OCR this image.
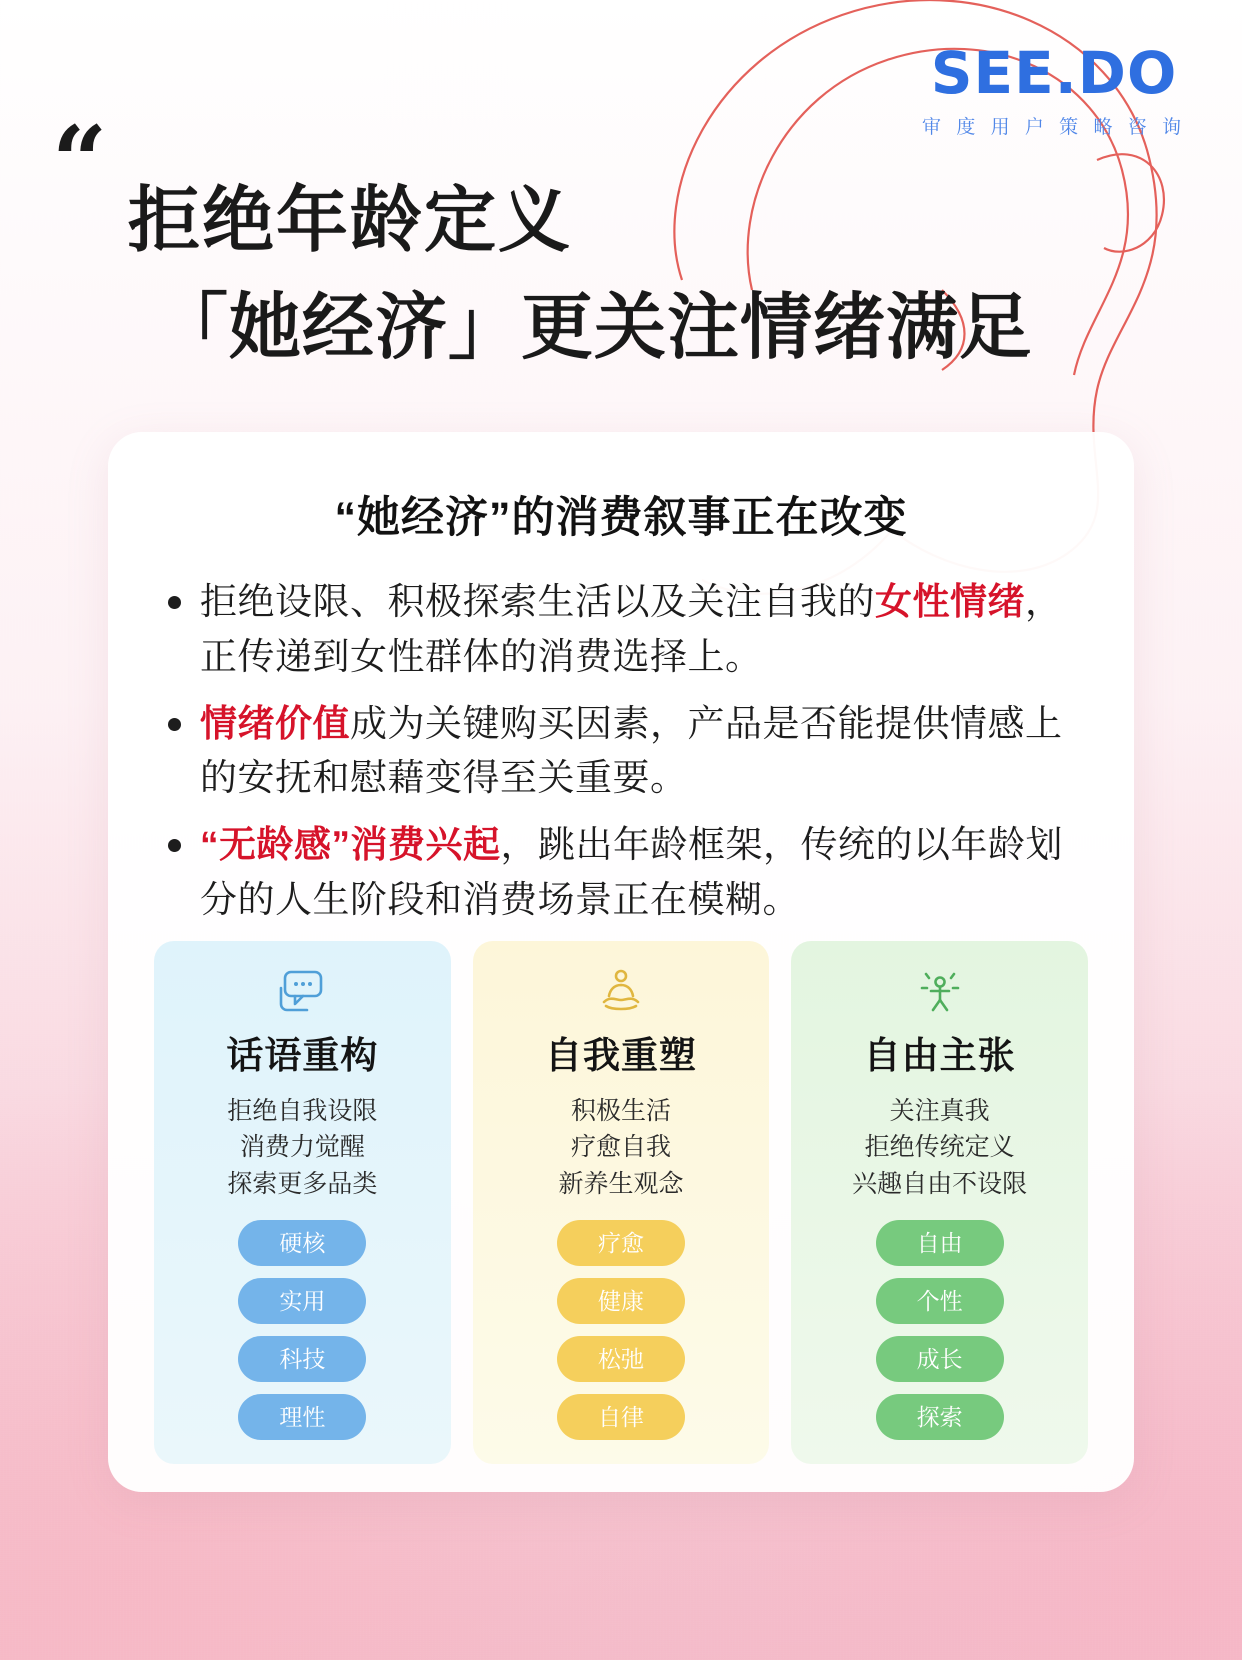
SEE.DO
审 度 用 户 策 略 咨 询
“
拒绝年龄定义
「她经济」更关注情绪满足
“她经济”的消费叙事正在改变
拒绝设限、积极探索生活以及关注自我的女性情绪，正传递到女性群体的消费选择上。
情绪价值成为关键购买因素，产品是否能提供情感上的安抚和慰藉变得至关重要。
“无龄感”消费兴起，跳出年龄框架，传统的以年龄划分的人生阶段和消费场景正在模糊。
话语重构
拒绝自我设限
消费力觉醒
探索更多品类
硬核
实用
科技
理性
自我重塑
积极生活
疗愈自我
新养生观念
疗愈
健康
松弛
自律
自由主张
关注真我
拒绝传统定义
兴趣自由不设限
自由
个性
成长
探索
